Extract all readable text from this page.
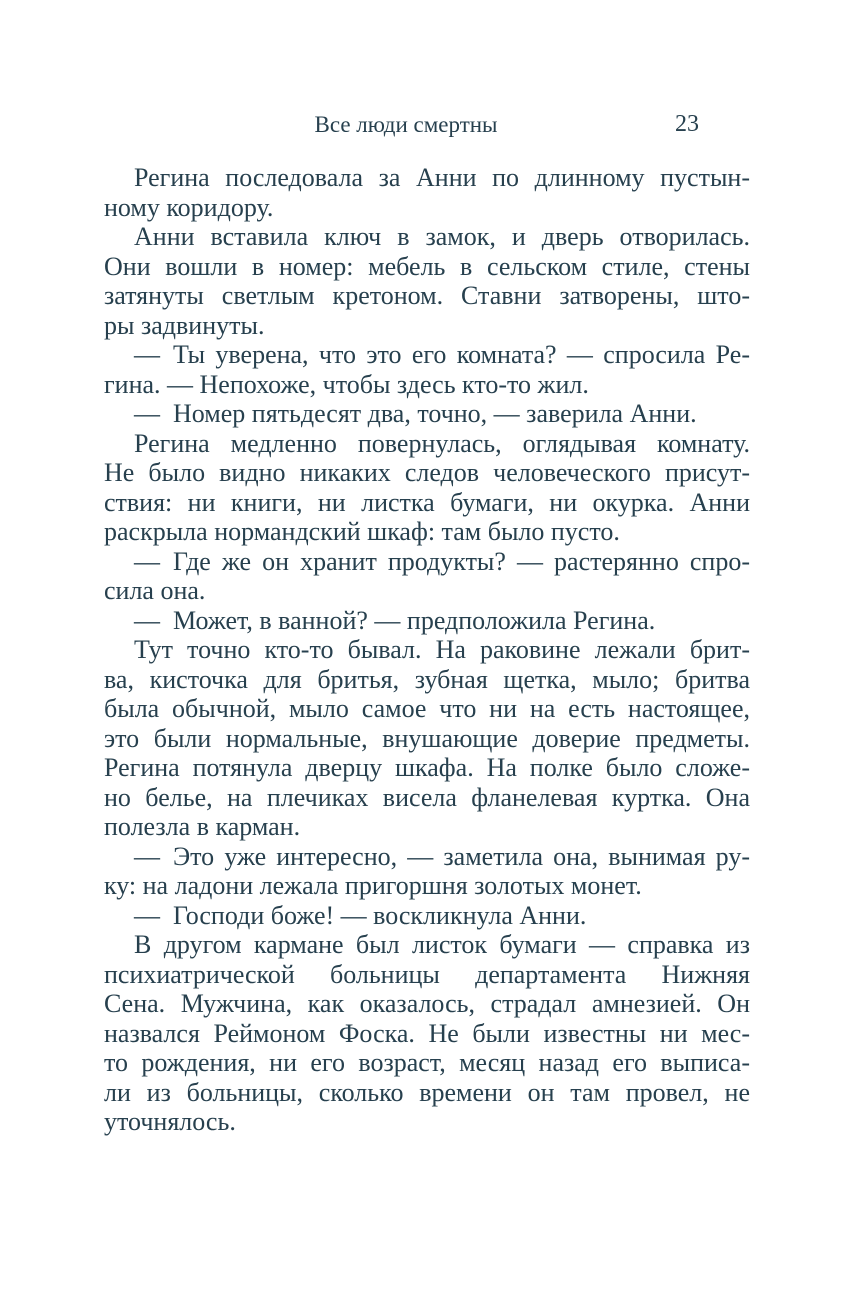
Все люди смертны	23
Регина последовала за Анни по длинному пустын-
ному коридору.
Анни вставила ключ в замок, и дверь отворилась.
Они вошли в номер: мебель в сельском стиле, стены
затянуты светлым кретоном. Ставни затворены, што-
ры задвинуты.
— Ты уверена, что это его комната? — спросила Ре-
гина. — Непохоже, чтобы здесь кто-то жил.
— Номер пятьдесят два, точно, — заверила Анни.
Регина медленно повернулась, оглядывая комнату.
Не было видно никаких следов человеческого присут-
ствия: ни книги, ни листка бумаги, ни окурка. Анни
раскрыла нормандский шкаф: там было пусто.
— Где же он хранит продукты? — растерянно спро-
сила она.
— Может, в ванной? — предположила Регина.
Тут точно кто-то бывал. На раковине лежали брит-
ва, кисточка для бритья, зубная щетка, мыло; бритва
была обычной, мыло самое что ни на есть настоящее,
это были нормальные, внушающие доверие предметы.
Регина потянула дверцу шкафа. На полке было сложе-
но белье, на плечиках висела фланелевая куртка. Она
полезла в карман.
— Это уже интересно, — заметила она, вынимая ру-
ку: на ладони лежала пригоршня золотых монет.
— Господи боже! — воскликнула Анни.
В другом кармане был листок бумаги — справка из
психиатрической больницы департамента Нижняя
Сена. Мужчина, как оказалось, страдал амнезией. Он
назвался Реймоном Фоска. Не были известны ни мес-
то рождения, ни его возраст, месяц назад его выписа-
ли из больницы, сколько времени он там провел, не
уточнялось.
